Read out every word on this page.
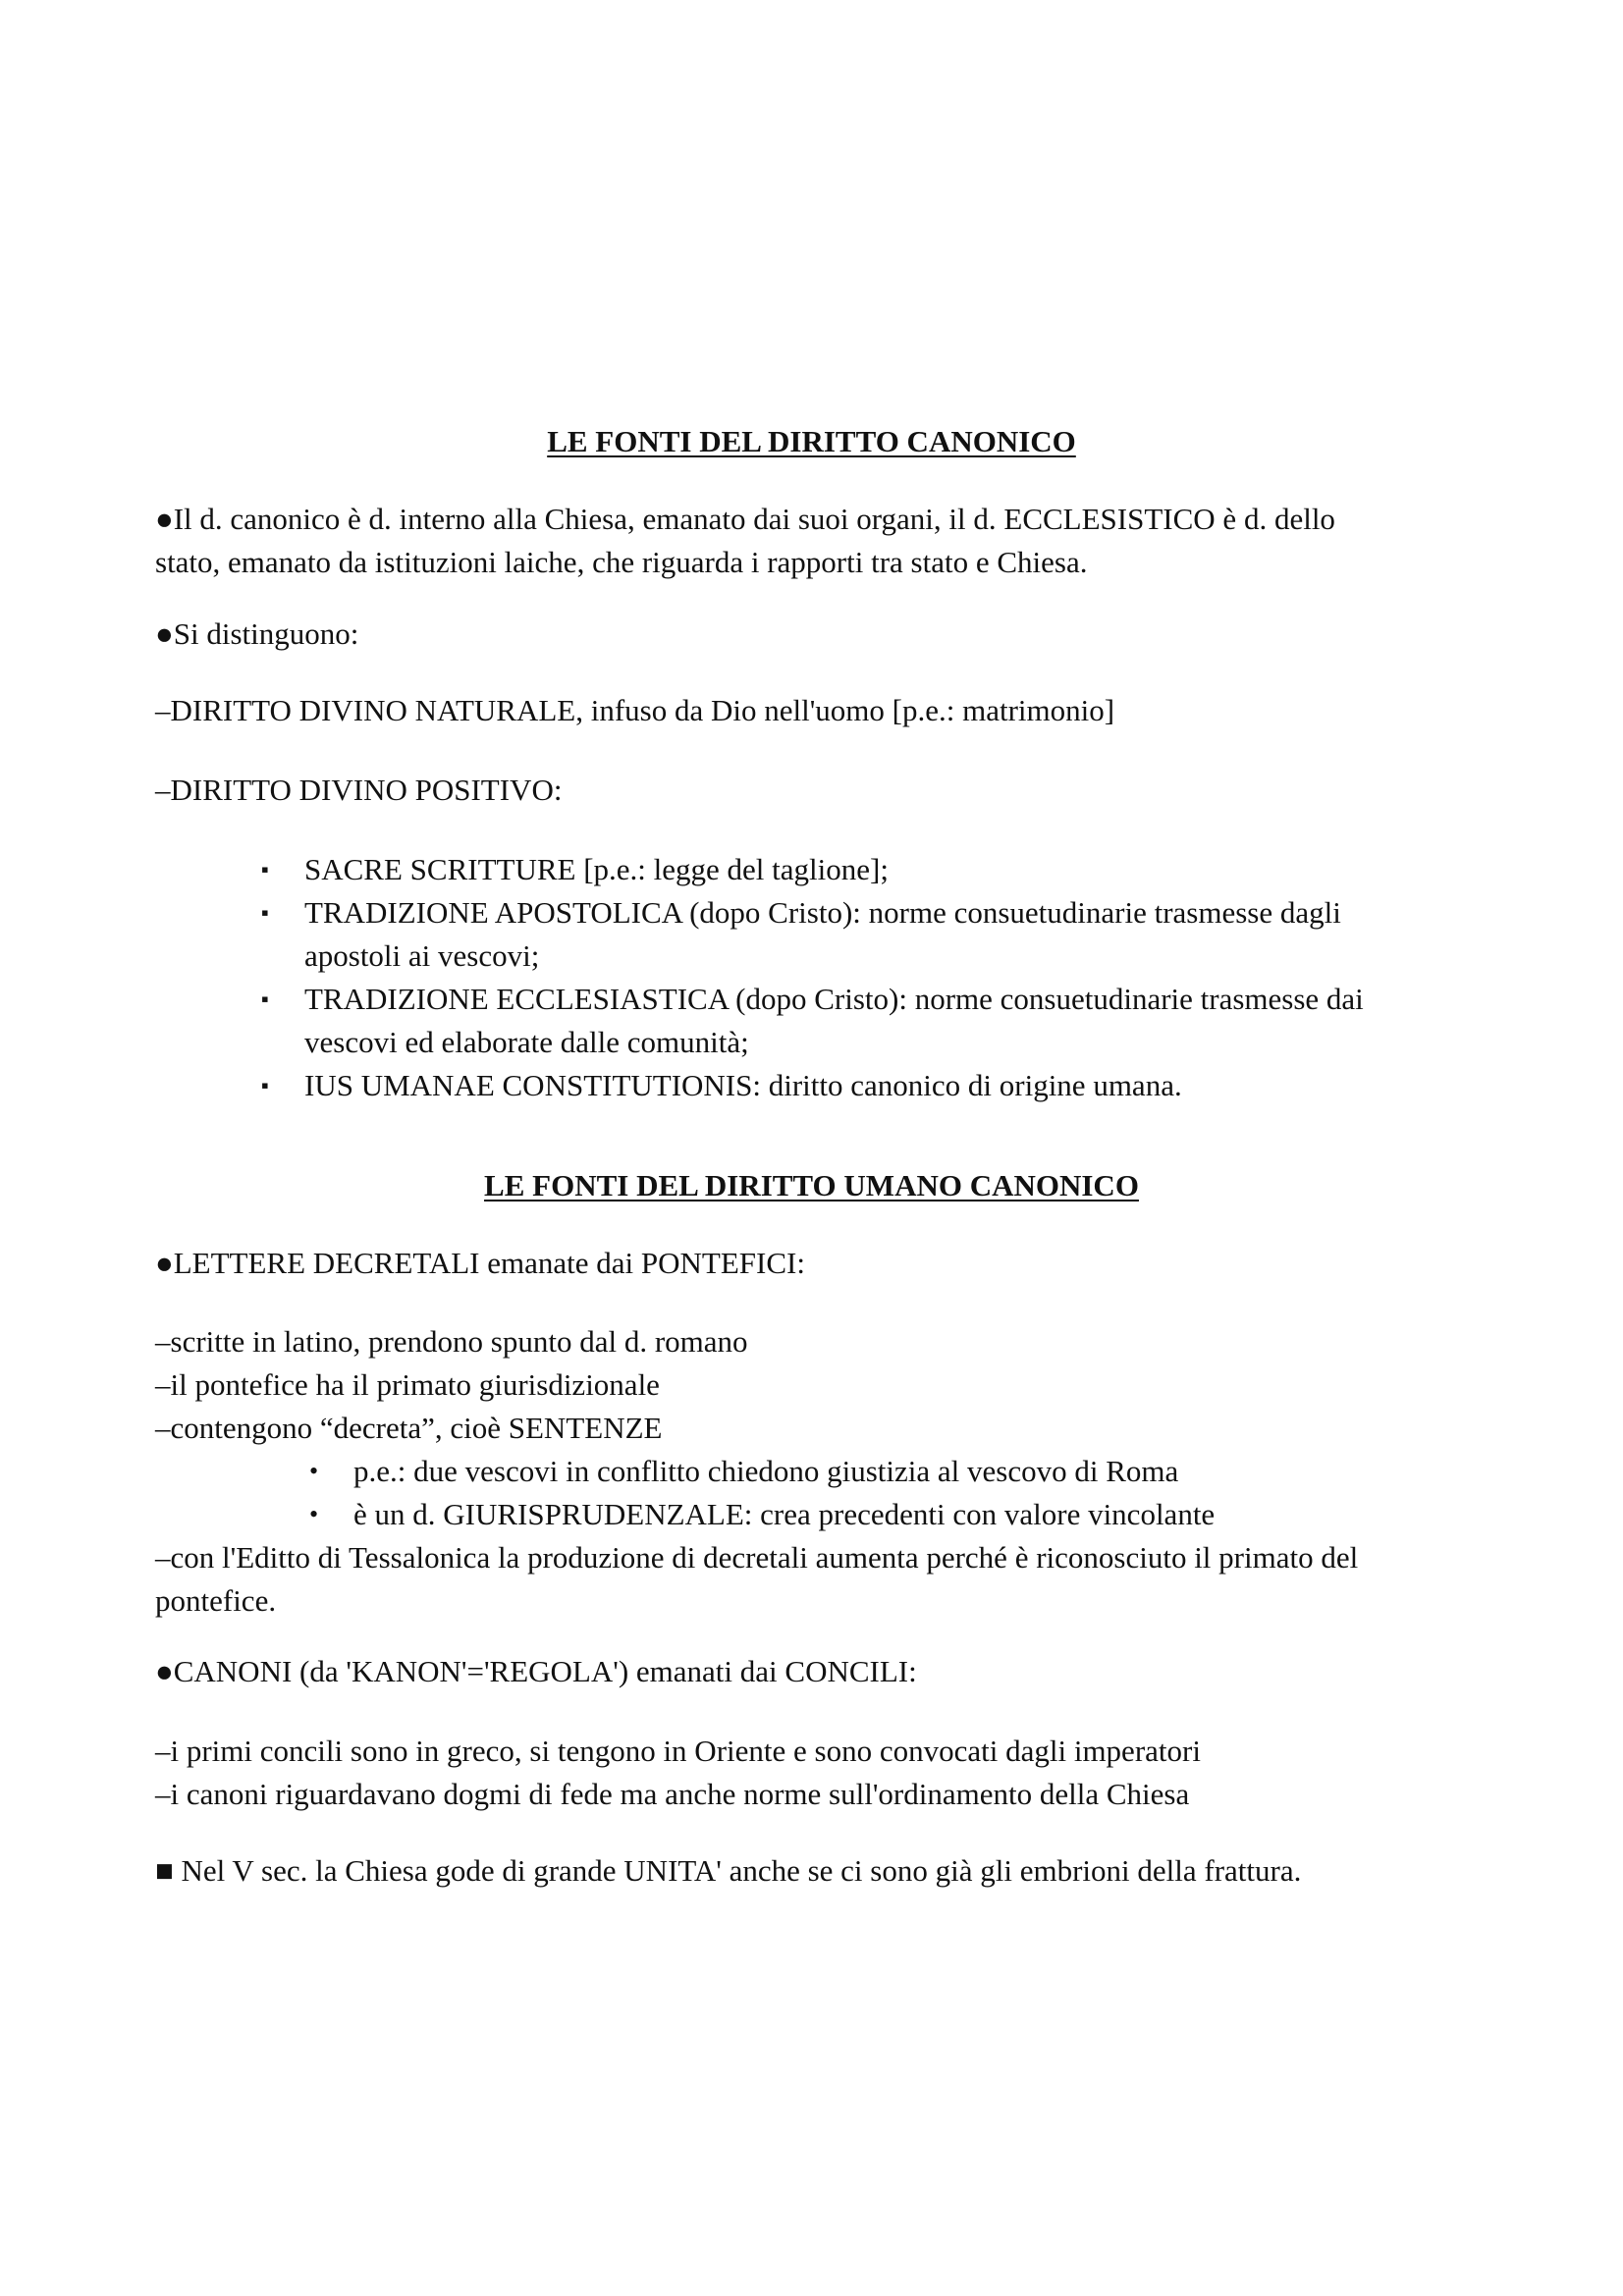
LE FONTI DEL DIRITTO CANONICO

●Il d. canonico è d. interno alla Chiesa, emanato dai suoi organi, il d. ECCLESISTICO è d. dello

stato, emanato da istituzioni laiche, che riguarda i rapporti tra stato e Chiesa.

●Si distinguono:

–DIRITTO DIVINO NATURALE, infuso da Dio nell'uomo [p.e.: matrimonio]

–DIRITTO DIVINO POSITIVO:

▪ SACRE SCRITTURE [p.e.: legge del taglione];
▪ TRADIZIONE APOSTOLICA (dopo Cristo): norme consuetudinarie trasmesse dagli
apostoli ai vescovi;
▪ TRADIZIONE ECCLESIASTICA (dopo Cristo): norme consuetudinarie trasmesse dai
vescovi ed elaborate dalle comunità;
▪ IUS UMANAE CONSTITUTIONIS: diritto canonico di origine umana.
LE FONTI DEL DIRITTO UMANO CANONICO

●LETTERE DECRETALI emanate dai PONTEFICI:

–scritte in latino, prendono spunto dal d. romano

–il pontefice ha il primato giurisdizionale

–contengono “decreta”, cioè SENTENZE

• p.e.: due vescovi in conflitto chiedono giustizia al vescovo di Roma
• è un d. GIURISPRUDENZALE: crea precedenti con valore vincolante

–con l'Editto di Tessalonica la produzione di decretali aumenta perché è riconosciuto il primato del

pontefice.

●CANONI (da 'KANON'='REGOLA') emanati dai CONCILI:

–i primi concili sono in greco, si tengono in Oriente e sono convocati dagli imperatori

–i canoni riguardavano dogmi di fede ma anche norme sull'ordinamento della Chiesa

■ Nel V sec. la Chiesa gode di grande UNITA' anche se ci sono già gli embrioni della frattura.
